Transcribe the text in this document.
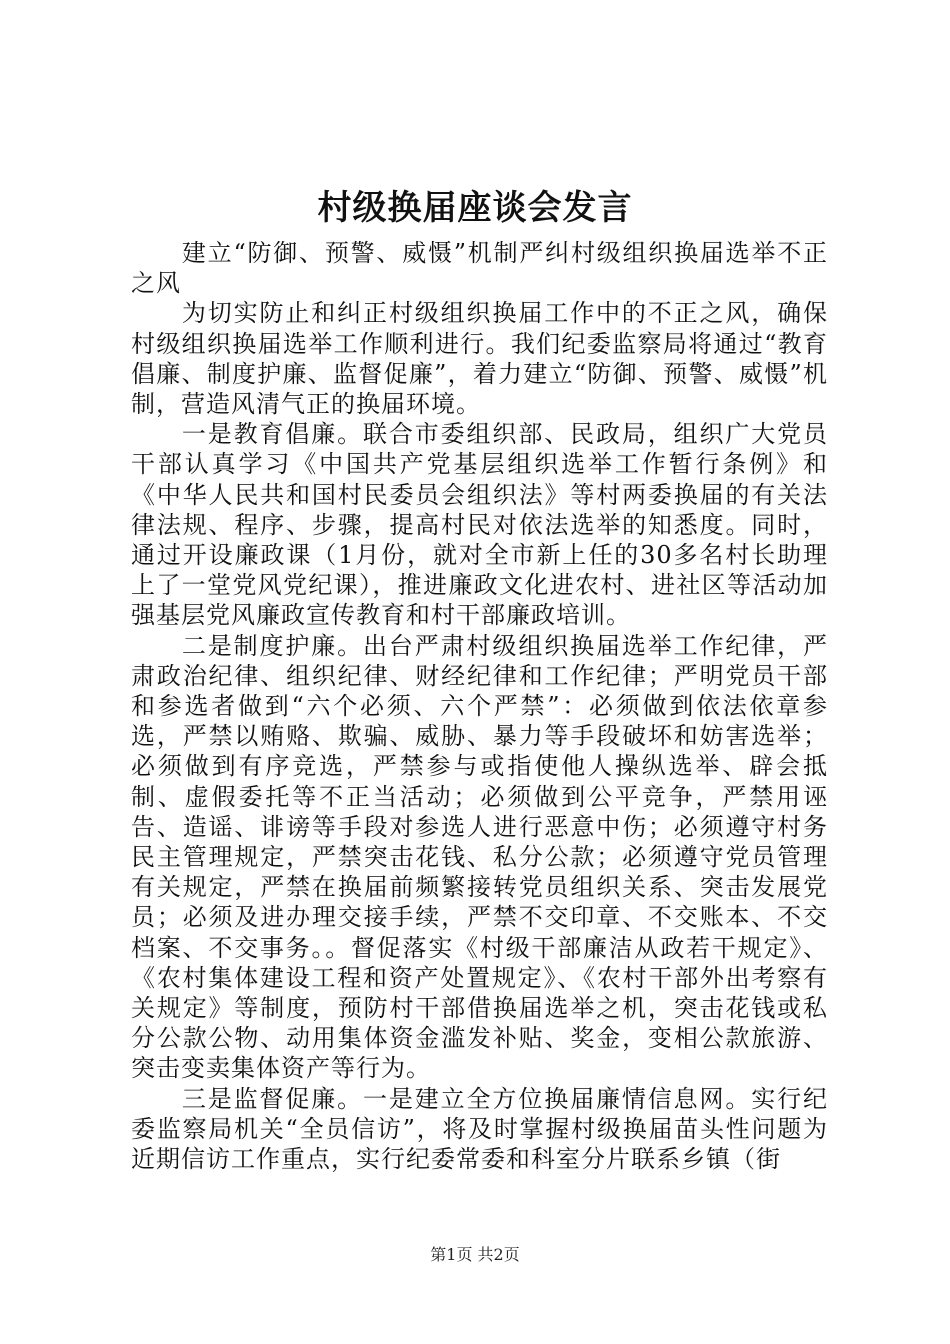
村级换届座谈会发言

建立“防御、预警、威慑”机制严纠村级组织换届选举不正之风

为切实防止和纠正村级组织换届工作中的不正之风，确保村级组织换届选举工作顺利进行。我们纪委监察局将通过“教育倡廉、制度护廉、监督促廉”，着力建立“防御、预警、威慑”机制，营造风清气正的换届环境。

一是教育倡廉。联合市委组织部、民政局，组织广大党员干部认真学习《中国共产党基层组织选举工作暂行条例》和《中华人民共和国村民委员会组织法》等村两委换届的有关法律法规、程序、步骤，提高村民对依法选举的知悉度。同时，通过开设廉政课（1月份，就对全市新上任的30多名村长助理上了一堂党风党纪课），推进廉政文化进农村、进社区等活动加强基层党风廉政宣传教育和村干部廉政培训。

二是制度护廉。出台严肃村级组织换届选举工作纪律，严肃政治纪律、组织纪律、财经纪律和工作纪律；严明党员干部和参选者做到“六个必须、六个严禁”：必须做到依法依章参选，严禁以贿赂、欺骗、威胁、暴力等手段破坏和妨害选举；必须做到有序竞选，严禁参与或指使他人操纵选举、辟会抵制、虚假委托等不正当活动；必须做到公平竞争，严禁用诬告、造谣、诽谤等手段对参选人进行恶意中伤；必须遵守村务民主管理规定，严禁突击花钱、私分公款；必须遵守党员管理有关规定，严禁在换届前频繁接转党员组织关系、突击发展党员；必须及进办理交接手续，严禁不交印章、不交账本、不交档案、不交事务。。督促落实《村级干部廉洁从政若干规定》、《农村集体建设工程和资产处置规定》、《农村干部外出考察有关规定》等制度，预防村干部借换届选举之机，突击花钱或私分公款公物、动用集体资金滥发补贴、奖金，变相公款旅游、突击变卖集体资产等行为。

三是监督促廉。一是建立全方位换届廉情信息网。实行纪委监察局机关“全员信访”，将及时掌握村级换届苗头性问题为近期信访工作重点，实行纪委常委和科室分片联系乡镇（街

第1页 共2页
